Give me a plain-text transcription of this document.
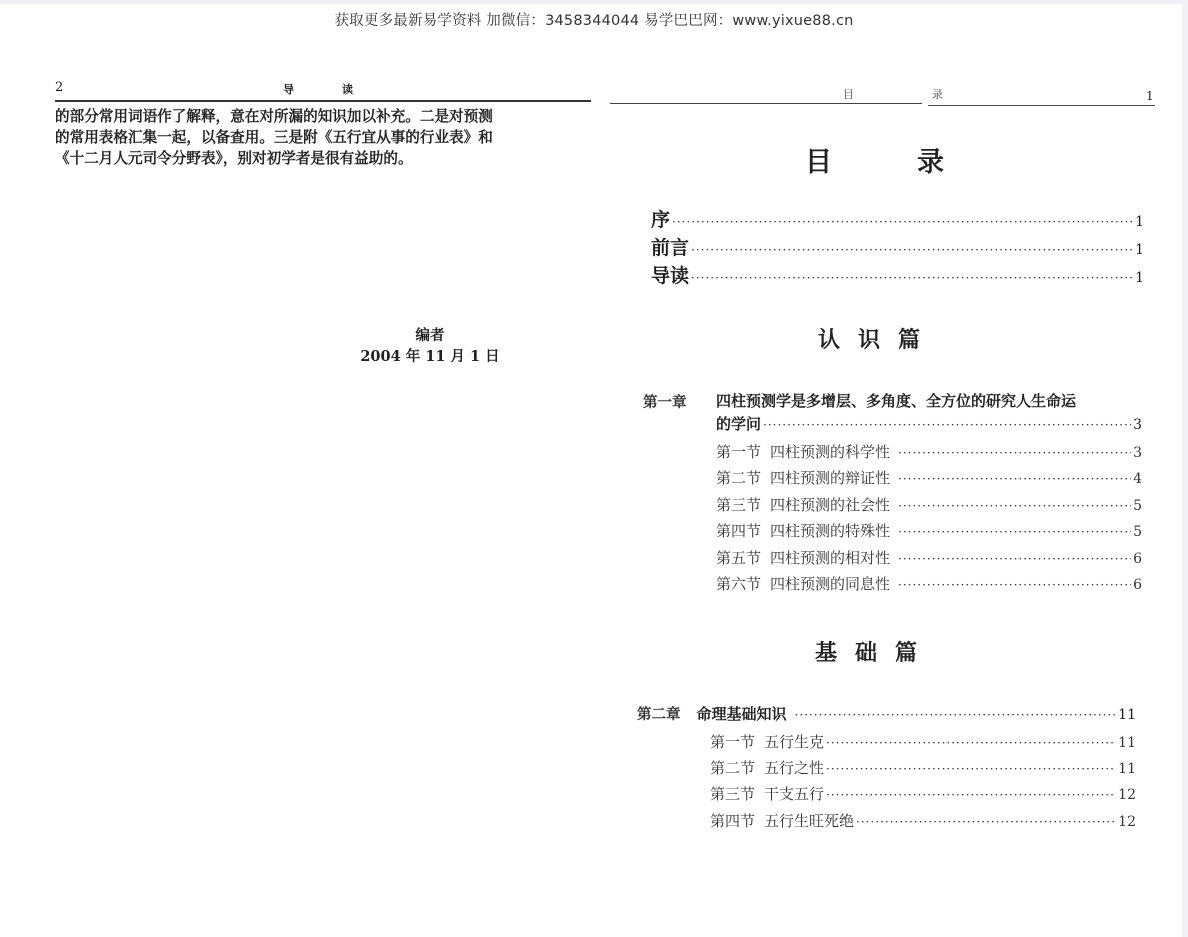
获取更多最新易学资料 加微信：3458344044 易学巴巴网：www.yixue88.cn
2	导读

的部分常用词语作了解释，意在对所漏的知识加以补充。二是对预测

的常用表格汇集一起，以备查用。三是附《五行宜从事的行业表》和

《十二月人元司令分野表》，别对初学者是很有益助的。

编者
2004 年 11 月 1 日
目录	1
目录
序 ·····	1
前言 ·····	1
导读 ·····	1
认识篇
第一章 四柱预测学是多增层、多角度、全方位的研究人生命运
的学问 ·····	3
第一节 四柱预测的科学性 ·····	3
第二节 四柱预测的辩证性 ·····	4
第三节 四柱预测的社会性 ·····	5
第四节 四柱预测的特殊性 ·····	5
第五节 四柱预测的相对性 ·····	6
第六节 四柱预测的同息性 ·····	6
基础篇
第二章 命理基础知识 ·····	11
第一节 五行生克 ·····	11
第二节 五行之性 ·····	11
第三节 干支五行 ·····	12
第四节 五行生旺死绝 ·····	12
